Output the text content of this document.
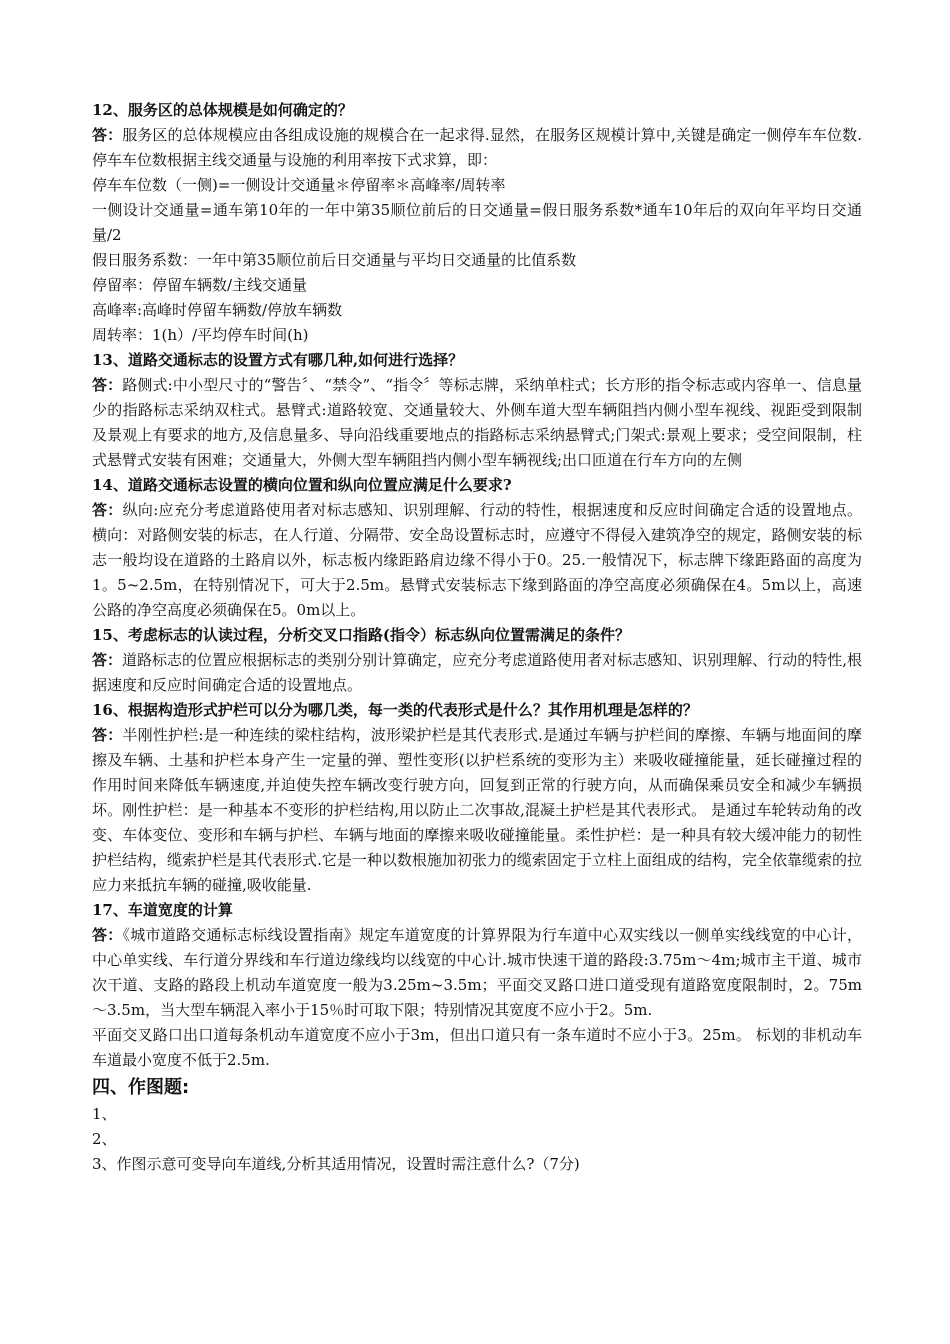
12、服务区的总体规模是如何确定的？

答：服务区的总体规模应由各组成设施的规模合在一起求得.显然，在服务区规模计算中,关键是确定一侧停车车位数.停车车位数根据主线交通量与设施的利用率按下式求算，即：

停车车位数（一侧)=一侧设计交通量＊停留率＊高峰率/周转率

一侧设计交通量=通车第10年的一年中第35顺位前后的日交通量=假日服务系数*通车10年后的双向年平均日交通量/2

假日服务系数：一年中第35顺位前后日交通量与平均日交通量的比值系数

停留率：停留车辆数/主线交通量

高峰率:高峰时停留车辆数/停放车辆数

周转率：1(h）/平均停车时间(h)

13、道路交通标志的设置方式有哪几种,如何进行选择？

答：路侧式:中小型尺寸的“警告〞、“禁令”、“指令〞等标志牌，采纳单柱式；长方形的指令标志或内容单一、信息量少的指路标志采纳双柱式。悬臂式:道路较宽、交通量较大、外侧车道大型车辆阻挡内侧小型车视线、视距受到限制及景观上有要求的地方,及信息量多、导向沿线重要地点的指路标志采纳悬臂式;门架式:景观上要求；受空间限制，柱式悬臂式安装有困难；交通量大，外侧大型车辆阻挡内侧小型车辆视线;出口匝道在行车方向的左侧

14、道路交通标志设置的横向位置和纵向位置应满足什么要求?

答：纵向:应充分考虑道路使用者对标志感知、识别理解、行动的特性，根据速度和反应时间确定合适的设置地点。横向：对路侧安装的标志，在人行道、分隔带、安全岛设置标志时，应遵守不得侵入建筑净空的规定，路侧安装的标志一般均设在道路的土路肩以外，标志板内缘距路肩边缘不得小于0。25.一般情况下，标志牌下缘距路面的高度为1。5~2.5m，在特别情况下，可大于2.5m。悬臂式安装标志下缘到路面的净空高度必须确保在4。5m以上，高速公路的净空高度必须确保在5。0m以上。

15、考虑标志的认读过程，分析交叉口指路(指令）标志纵向位置需满足的条件？

答：道路标志的位置应根据标志的类别分别计算确定，应充分考虑道路使用者对标志感知、识别理解、行动的特性,根据速度和反应时间确定合适的设置地点。

16、根据构造形式护栏可以分为哪几类，每一类的代表形式是什么？其作用机理是怎样的？

答：半刚性护栏:是一种连续的梁柱结构，波形梁护栏是其代表形式.是通过车辆与护栏间的摩擦、车辆与地面间的摩擦及车辆、土基和护栏本身产生一定量的弹、塑性变形(以护栏系统的变形为主）来吸收碰撞能量，延长碰撞过程的作用时间来降低车辆速度,并迫使失控车辆改变行驶方向，回复到正常的行驶方向，从而确保乘员安全和减少车辆损坏。刚性护栏：是一种基本不变形的护栏结构,用以防止二次事故,混凝土护栏是其代表形式。 是通过车轮转动角的改变、车体变位、变形和车辆与护栏、车辆与地面的摩擦来吸收碰撞能量。柔性护栏：是一种具有较大缓冲能力的韧性护栏结构，缆索护栏是其代表形式.它是一种以数根施加初张力的缆索固定于立柱上面组成的结构，完全依靠缆索的拉应力来抵抗车辆的碰撞,吸收能量.

17、车道宽度的计算

答：《城市道路交通标志标线设置指南》规定车道宽度的计算界限为行车道中心双实线以一侧单实线线宽的中心计，中心单实线、车行道分界线和车行道边缘线均以线宽的中心计.城市快速干道的路段:3.75m～4m;城市主干道、城市次干道、支路的路段上机动车道宽度一般为3.25m~3.5m；平面交叉路口进口道受现有道路宽度限制时，2。75m～3.5m，当大型车辆混入率小于15％时可取下限；特别情况其宽度不应小于2。5m.

平面交叉路口出口道每条机动车道宽度不应小于3m，但出口道只有一条车道时不应小于3。25m。 标划的非机动车车道最小宽度不低于2.5m.

四、作图题:

1、

2、

3、作图示意可变导向车道线,分析其适用情况，设置时需注意什么?（7分)
